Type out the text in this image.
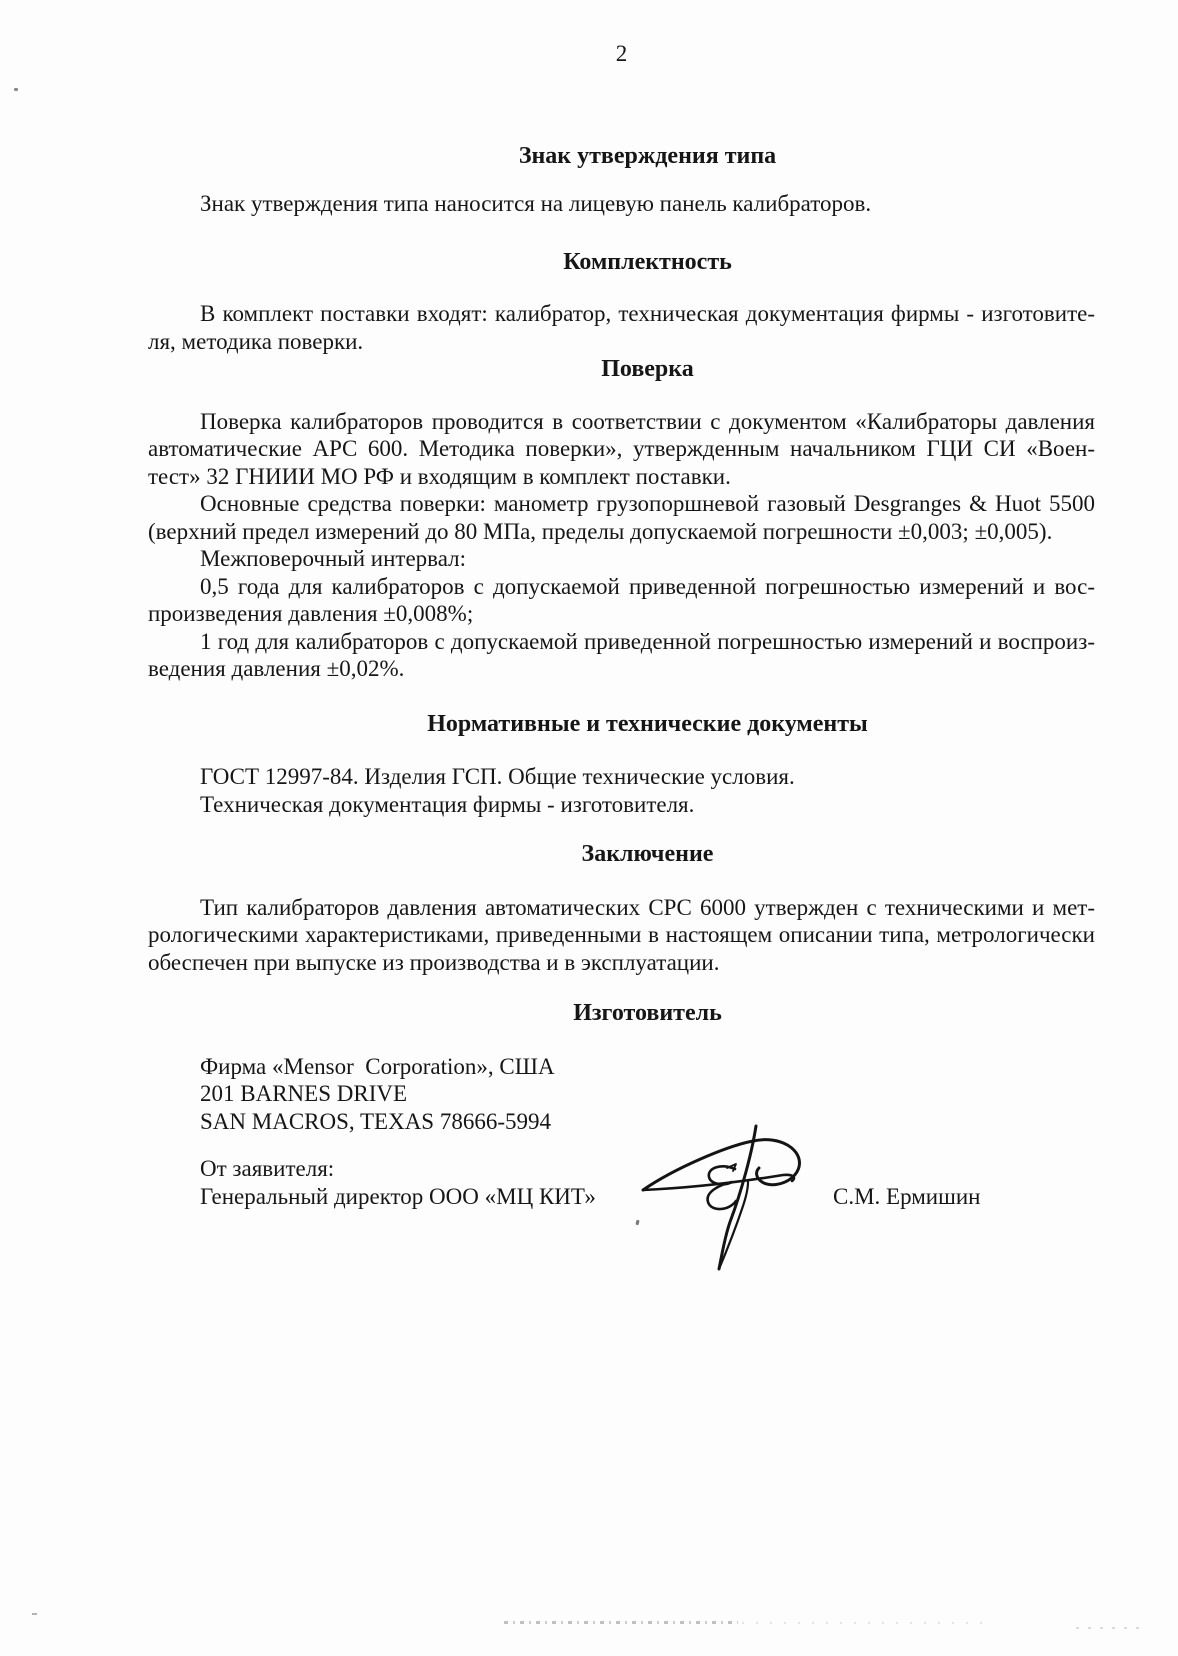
2
Знак утверждения типа
Знак утверждения типа наносится на лицевую панель калибраторов.
Комплектность
В комплект поставки входят: калибратор, техническая документация фирмы - изготовите-
ля, методика поверки.
Поверка
Поверка калибраторов проводится в соответствии с документом «Калибраторы давления
автоматические APC 600. Методика поверки», утвержденным начальником ГЦИ СИ «Воен-
тест» 32 ГНИИИ МО РФ и входящим в комплект поставки.
Основные средства поверки: манометр грузопоршневой газовый Desgranges & Huot 5500
(верхний предел измерений до 80 МПа, пределы допускаемой погрешности ±0,003; ±0,005).
Межповерочный интервал:
0,5 года для калибраторов с допускаемой приведенной погрешностью измерений и вос-
произведения давления ±0,008%;
1 год для калибраторов с допускаемой приведенной погрешностью измерений и воспроиз-
ведения давления ±0,02%.
Нормативные и технические документы
ГОСТ 12997-84. Изделия ГСП. Общие технические условия.
Техническая документация фирмы - изготовителя.
Заключение
Тип калибраторов давления автоматических CPC 6000 утвержден с техническими и мет-
рологическими характеристиками, приведенными в настоящем описании типа, метрологически
обеспечен при выпуске из производства и в эксплуатации.
Изготовитель
Фирма «Mensor  Corporation», США
201 BARNES DRIVE
SAN MACROS, TEXAS 78666-5994
От заявителя:
Генеральный директор ООО «МЦ КИТ»	С.М. Ермишин
